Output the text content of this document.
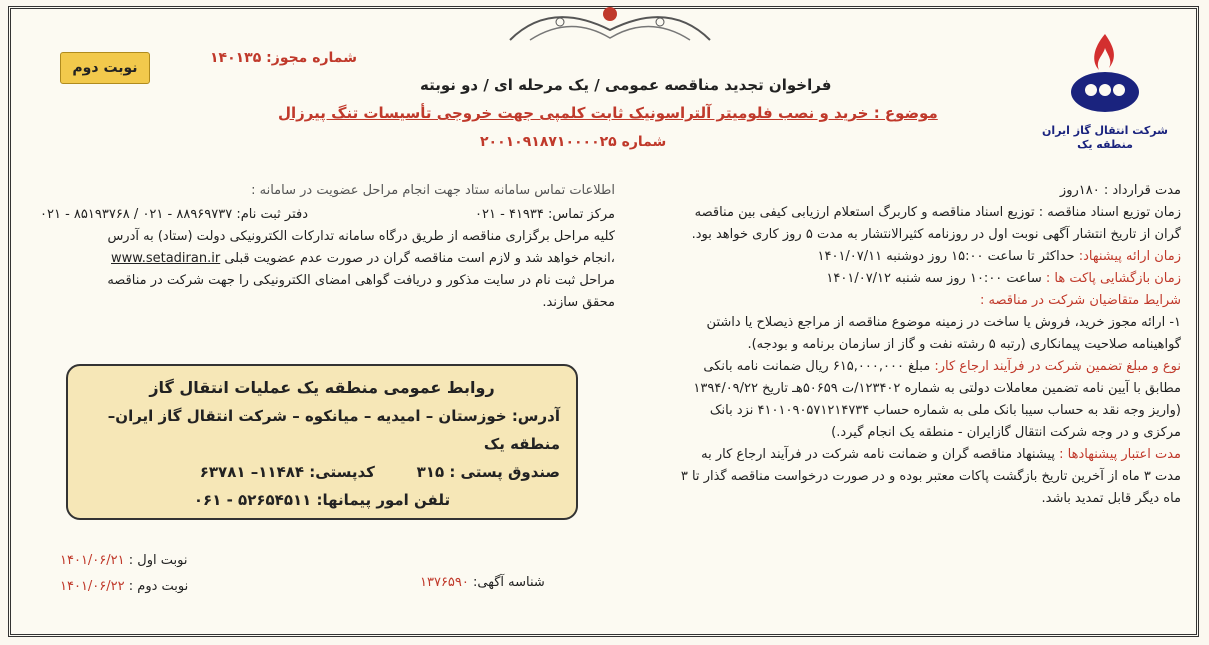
شرکت انتقال گاز ایران
منطقه یک
نوبت دوم
شماره مجوز: ۱۴۰۱۳۵
فراخوان تجدید مناقصه عمومی / یک مرحله ای / دو نوبته
موضوع : خرید و نصب فلومیتر آلتراسونیک ثابت کلمپی جهت خروجی تأسیسات تنگ پیرزال
شماره ۲۰۰۱۰۹۱۸۷۱۰۰۰۰۲۵
مدت قرارداد : ۱۸۰روز
زمان توزیع اسناد مناقصه : توزیع اسناد مناقصه و کاربرگ استعلام ارزیابی کیفی بین مناقصه
گران از تاریخ انتشار آگهی نوبت اول در روزنامه کثیرالانتشار به مدت ۵ روز کاری خواهد بود.
زمان ارائه پیشنهاد: حداکثر تا ساعت ۱۵:۰۰ روز دوشنبه ۱۴۰۱/۰۷/۱۱
زمان بازگشایی پاکت ها : ساعت ۱۰:۰۰ روز سه شنبه ۱۴۰۱/۰۷/۱۲
شرایط متقاضیان شرکت در مناقصه :
۱- ارائه مجوز خرید، فروش یا ساخت در زمینه موضوع مناقصه از مراجع ذیصلاح یا داشتن
گواهینامه صلاحیت پیمانکاری (رتبه ۵ رشته نفت و گاز از سازمان برنامه و بودجه).
نوع و مبلغ تضمین شرکت در فرآیند ارجاع کار: مبلغ ۶۱۵,۰۰۰,۰۰۰ ریال ضمانت نامه بانکی
مطابق با آیین نامه تضمین معاملات دولتی به شماره ۱۲۳۴۰۲/ت ۵۰۶۵۹هـ تاریخ ۱۳۹۴/۰۹/۲۲
(واریز وجه نقد به حساب سیبا بانک ملی به شماره حساب ۴۱۰۱۰۹۰۵۷۱۲۱۴۷۳۴ نزد بانک
مرکزی و در وجه شرکت انتقال گازایران - منطقه یک انجام گیرد.)
مدت اعتبار پیشنهادها : پیشنهاد مناقصه گران و ضمانت نامه شرکت در فرآیند ارجاع کار به
مدت ۳ ماه از آخرین تاریخ بازگشت پاکات معتبر بوده و در صورت درخواست مناقصه گذار تا ۳
ماه دیگر قابل تمدید باشد.
اطلاعات تماس سامانه ستاد جهت انجام مراحل عضویت در سامانه :
مرکز تماس: ۴۱۹۳۴ - ۰۲۱
دفتر ثبت نام: ۸۸۹۶۹۷۳۷ - ۰۲۱ / ۸۵۱۹۳۷۶۸ - ۰۲۱
کلیه مراحل برگزاری مناقصه از طریق درگاه سامانه تدارکات الکترونیکی دولت (ستاد) به آدرس
www.setadiran.ir انجام خواهد شد و لازم است مناقصه گران در صورت عدم عضویت قبلی،
مراحل ثبت نام در سایت مذکور و دریافت گواهی امضای الکترونیکی را جهت شرکت در مناقصه
محقق سازند.
روابط عمومی منطقه یک عملیات انتقال گاز
آدرس: خوزستان – امیدیه – میانکوه – شرکت انتقال گاز ایران– منطقه یک
صندوق پستی : ۳۱۵        کدپستی: ۱۱۴۸۴– ۶۳۷۸۱
تلفن امور پیمانها: ۵۲۶۵۴۵۱۱ - ۰۶۱
نوبت اول : ۱۴۰۱/۰۶/۲۱
نوبت دوم : ۱۴۰۱/۰۶/۲۲	شناسه آگهی: ۱۳۷۶۵۹۰
